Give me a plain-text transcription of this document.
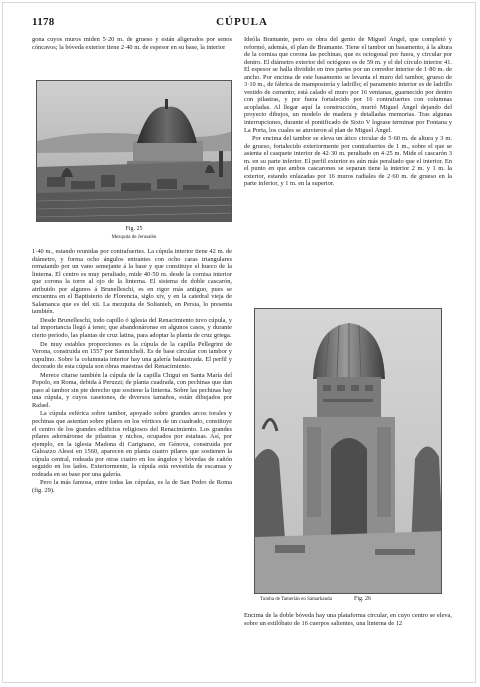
1178	CÚPULA

gona cuyos muros miden 5·20 m. de grueso y están aligerados por senos cóncavos; la bóveda exterior tiene 2·40 m. de espesor en su base, la interior

Fig. 25
Mezquita de Jerusalén

1·40 m., estando reunidas por contrafuertes. La cúpula interior tiene 42 m. de diámetro, y forma ocho ángulos entrantes con ocho caras triangulares rematando por un vano semejante á la base y que constituye el hueco de la linterna. El centro es muy peraltado, mide 40·50 m. desde la cornisa interior que corona la torre al ojo de la linterna. El sistema de doble cascarón, atribuido por algunos á Brunelleschi, es en rigor más antiguo, pues se encuentra en el Baptisterio de Florencia, siglo xiv, y en la catedral vieja de Salamanca que es del xii. La mezquita de Soltanieh, en Persia, lo presenta también.

Desde Brunelleschi, todo capillo ó iglesia del Renacimiento tuvo cúpula, y tal importancia llegó á tener, que abandonáronse en algunos casos, y durante cierto período, las plantas de cruz latina, para adoptar la planta de cruz griega.

De muy estables proporciones es la cúpula de la capilla Pellegrini de Verona, construida en 1557 por Sanmicheli. Es de base circular con tambor y cupulino. Sobre la columnata interior hay una galería balaustrada. El perfil y decorado de esta cúpula son obras maestras del Renacimiento.

Merece citarse también la cúpula de la capilla Chigui en Santa María del Popolo, en Roma, debida á Peruzzi; de planta cuadrada, con pechinas que dan paso al tambor sin pie derecho que sostiene la linterna. Sobre las pechinas hay una cúpula, y cuyos casetones, de diversos tamaños, están dibujados por Rafael.

La cúpula esférica sobre tambor, apoyado sobre grandes arcos torales y pechinas que asientan sobre pilares en los vértices de un cuadrado, constituye el centro de los grandes edificios religiosos del Renacimiento. Los grandes pilares adornáronse de pilastras y nichos, ocupados por estatuas. Así, por ejemplo, en la iglesia Madona di Carignano, en Génova, construida por Galeazzo Alessi en 1560, aparecen en planta cuatro pilares que sostienen la cúpula central, rodeada por otras cuatro en los ángulos y bóvedas de cañón seguido en los lados. Exteriormente, la cúpula está revestida de escamas y rodeada en su base por una galería.

Pero la más famosa, entre todas las cúpulas, es la de San Pedro de Roma (fig. 29).

Ideóla Bramante, pero es obra del genio de Miguel Ángel, que completó y reformó, además, el plan de Bramante. Tiene el tambor un basamento, á la altura de la cornisa que corona las pechinas, que es octogonal por fuera, y circular por dentro. El diámetro exterior del octógono es de 59 m. y el del círculo interior 41. El espesor se halla dividido en tres partes por un corredor interior de 1·80 m. de ancho. Por encima de este basamento se levanta el muro del tambor, grueso de 3·10 m., de fábrica de mampostería y ladrillo; el paramento interior es de ladrillo vestido de cemento; está calado el muro por 16 ventanas, guarnecido por dentro con pilastras, y por fuera fortalecido por 16 contrafuertes con columnas acopladas. Al llegar aquí la construcción, murió Miguel Ángel dejando del proyecto dibujos, un modelo de madera y detalladas memorias. Tras algunas interrupciones, durante el pontificado de Sixto V lograse terminar por Fontana y La Porta, los cuales se atuvieron al plan de Miguel Ángel.

Por encima del tambor se eleva un ático circular de 5·60 m. de altura y 3 m. de grueso, fortalecido exteriormente por contrafuertes de 1 m., sobre el que se asienta el casquete interior de 42·30 m. peraltado en 4·25 m. Mide el cascarón 3 m. en su parte inferior. El perfil exterior es aún más peraltado que el interior. En el punto en que ambos cascarones se separan tiene la interior 2 m. y 1 m. la exterior, estando enlazadas por 16 muros radiales de 2·60 m. de grueso en la parte inferior, y 1 m. en la superior.

Tumba de Tamerlán en Samarkanda	Fig. 26

Encima de la doble bóveda hay una plataforma circular, en cuyo centro se eleva, sobre un estilóbato de 16 cuerpos salientes, una linterna de 12
